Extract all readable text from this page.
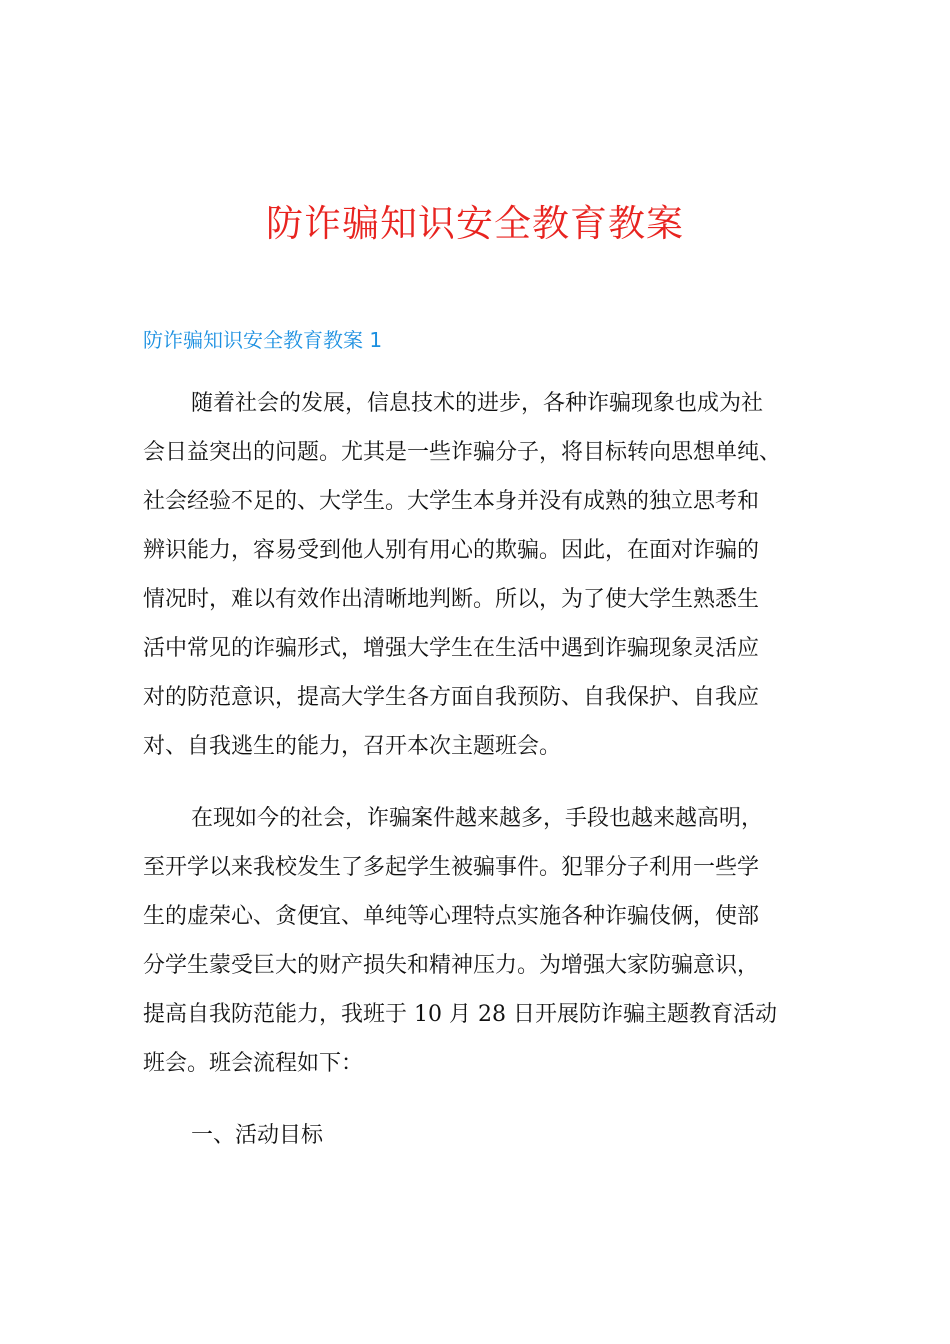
防诈骗知识安全教育教案
防诈骗知识安全教育教案 1
随着社会的发展，信息技术的进步，各种诈骗现象也成为社
会日益突出的问题。尤其是一些诈骗分子，将目标转向思想单纯、
社会经验不足的、大学生。大学生本身并没有成熟的独立思考和
辨识能力，容易受到他人别有用心的欺骗。因此，在面对诈骗的
情况时，难以有效作出清晰地判断。所以，为了使大学生熟悉生
活中常见的诈骗形式，增强大学生在生活中遇到诈骗现象灵活应
对的防范意识，提高大学生各方面自我预防、自我保护、自我应
对、自我逃生的能力，召开本次主题班会。
在现如今的社会，诈骗案件越来越多，手段也越来越高明，
至开学以来我校发生了多起学生被骗事件。犯罪分子利用一些学
生的虚荣心、贪便宜、单纯等心理特点实施各种诈骗伎俩，使部
分学生蒙受巨大的财产损失和精神压力。为增强大家防骗意识，
提高自我防范能力，我班于 10 月 28 日开展防诈骗主题教育活动
班会。班会流程如下：
一、活动目标
